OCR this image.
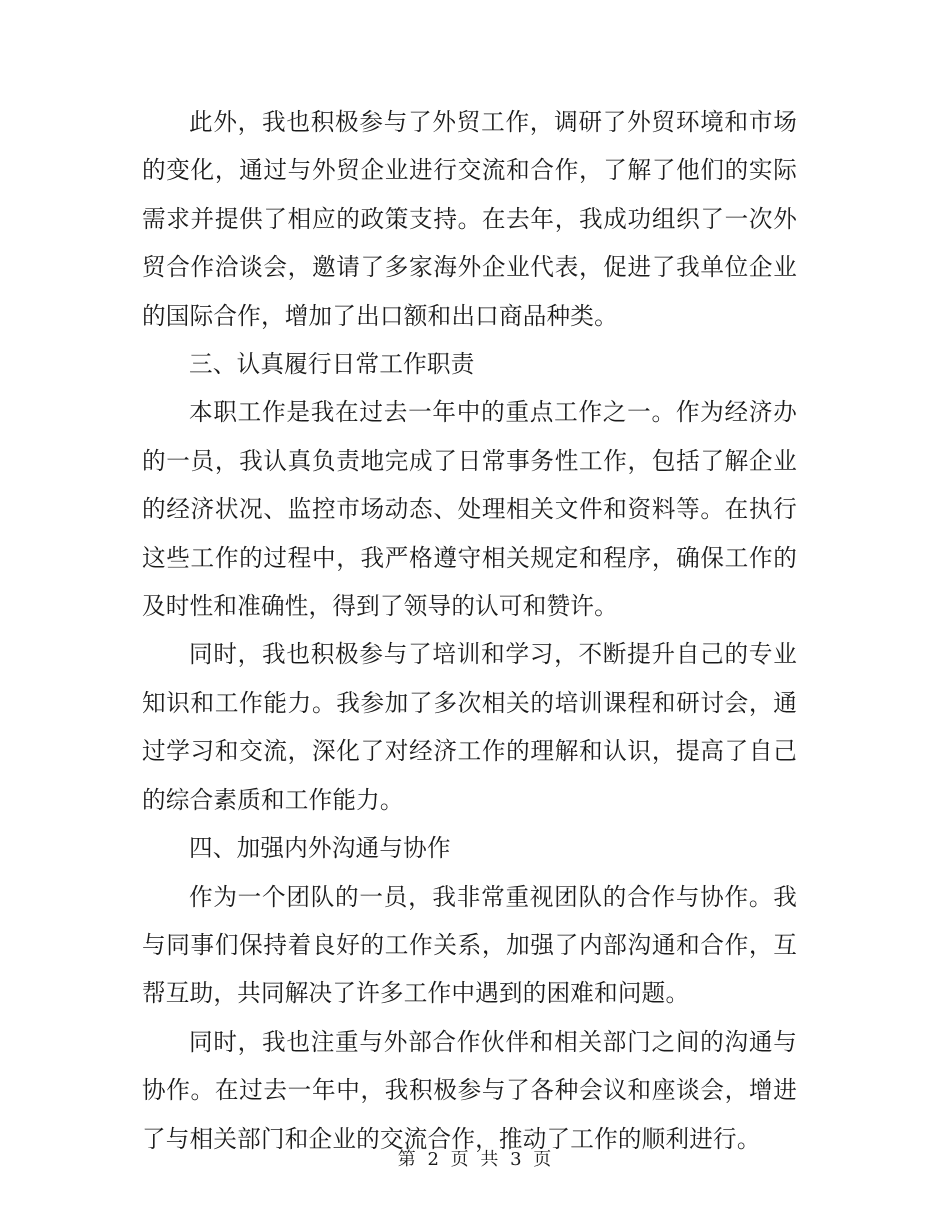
此外，我也积极参与了外贸工作，调研了外贸环境和市场的变化，通过与外贸企业进行交流和合作，了解了他们的实际需求并提供了相应的政策支持。在去年，我成功组织了一次外贸合作洽谈会，邀请了多家海外企业代表，促进了我单位企业的国际合作，增加了出口额和出口商品种类。

三、认真履行日常工作职责

本职工作是我在过去一年中的重点工作之一。作为经济办的一员，我认真负责地完成了日常事务性工作，包括了解企业的经济状况、监控市场动态、处理相关文件和资料等。在执行这些工作的过程中，我严格遵守相关规定和程序，确保工作的及时性和准确性，得到了领导的认可和赞许。

同时，我也积极参与了培训和学习，不断提升自己的专业知识和工作能力。我参加了多次相关的培训课程和研讨会，通过学习和交流，深化了对经济工作的理解和认识，提高了自己的综合素质和工作能力。

四、加强内外沟通与协作

作为一个团队的一员，我非常重视团队的合作与协作。我与同事们保持着良好的工作关系，加强了内部沟通和合作，互帮互助，共同解决了许多工作中遇到的困难和问题。

同时，我也注重与外部合作伙伴和相关部门之间的沟通与协作。在过去一年中，我积极参与了各种会议和座谈会，增进了与相关部门和企业的交流合作，推动了工作的顺利进行。

第 2 页 共 3 页
